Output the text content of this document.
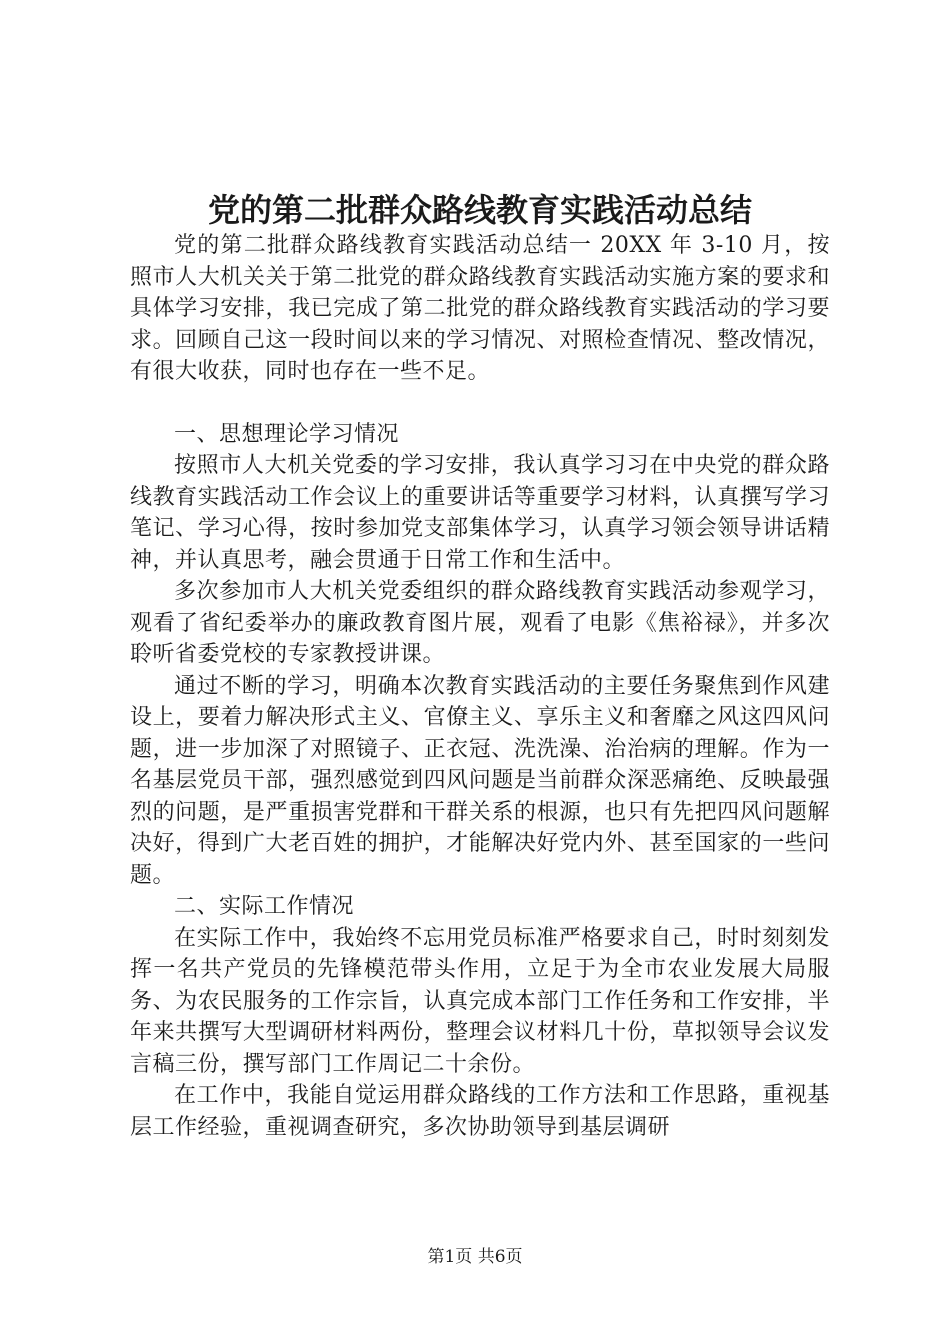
党的第二批群众路线教育实践活动总结

党的第二批群众路线教育实践活动总结一 20XX 年 3-10 月，按照市人大机关关于第二批党的群众路线教育实践活动实施方案的要求和具体学习安排，我已完成了第二批党的群众路线教育实践活动的学习要求。回顾自己这一段时间以来的学习情况、对照检查情况、整改情况，有很大收获，同时也存在一些不足。

一、思想理论学习情况

按照市人大机关党委的学习安排，我认真学习习在中央党的群众路线教育实践活动工作会议上的重要讲话等重要学习材料，认真撰写学习笔记、学习心得，按时参加党支部集体学习，认真学习领会领导讲话精神，并认真思考，融会贯通于日常工作和生活中。

多次参加市人大机关党委组织的群众路线教育实践活动参观学习，观看了省纪委举办的廉政教育图片展，观看了电影《焦裕禄》，并多次聆听省委党校的专家教授讲课。

通过不断的学习，明确本次教育实践活动的主要任务聚焦到作风建设上，要着力解决形式主义、官僚主义、享乐主义和奢靡之风这四风问题，进一步加深了对照镜子、正衣冠、洗洗澡、治治病的理解。作为一名基层党员干部，强烈感觉到四风问题是当前群众深恶痛绝、反映最强烈的问题，是严重损害党群和干群关系的根源，也只有先把四风问题解决好，得到广大老百姓的拥护，才能解决好党内外、甚至国家的一些问题。

二、实际工作情况

在实际工作中，我始终不忘用党员标准严格要求自己，时时刻刻发挥一名共产党员的先锋模范带头作用，立足于为全市农业发展大局服务、为农民服务的工作宗旨，认真完成本部门工作任务和工作安排，半年来共撰写大型调研材料两份，整理会议材料几十份，草拟领导会议发言稿三份，撰写部门工作周记二十余份。

在工作中，我能自觉运用群众路线的工作方法和工作思路，重视基层工作经验，重视调查研究，多次协助领导到基层调研

第1页 共6页
